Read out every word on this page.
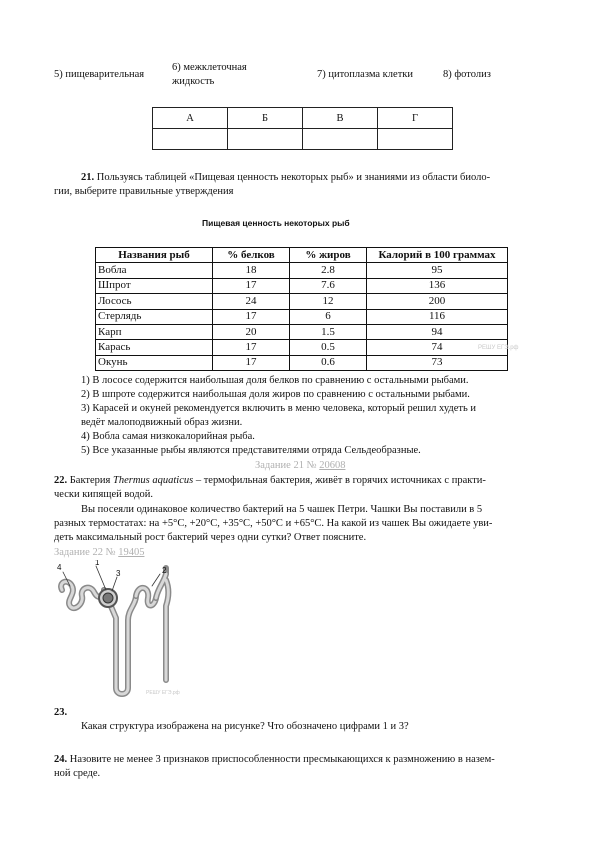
5) пищеварительная
6) межклеточная
жидкость
7) цитоплазма клетки	8) фотолиз
А	Б	В	Г

21. Пользуясь таблицей «Пищевая ценность некоторых рыб» и знаниями из области биоло-
гии, выберите правильные утверждения
Пищевая ценность некоторых рыб
Названия рыб	% белков	% жиров	Калорий в 100 граммах
Вобла	18	2.8	95
Шпрот	17	7.6	136
Лосось	24	12	200
Стерлядь	17	6	116
Карп	20	1.5	94
Карась	17	0.5	74
Окунь	17	0.6	73
РЕШУ ЕГЭ.рф
1) В лососе содержится наибольшая доля белков по сравнению с остальными рыбами.
2) В шпроте содержится наибольшая доля жиров по сравнению с остальными рыбами.
3) Карасей и окуней рекомендуется включить в меню человека, который решил худеть и
ведёт малоподвижный образ жизни.
4) Вобла самая низкокалорийная рыба.
5) Все указанные рыбы являются представителями отряда Сельдеобразные.
Задание 21 № 20608
22. Бактерия Thermus aquaticus – термофильная бактерия, живёт в горячих источниках с практи-
чески кипящей водой.
Вы посеяли одинаковое количество бактерий на 5 чашек Петри. Чашки Вы поставили в 5
разных термостатах: на +5°С, +20°С, +35°С, +50°С и +65°С. На какой из чашек Вы ожидаете уви-
деть максимальный рост бактерий через одни сутки? Ответ поясните.
Задание 22 № 19405
4
1
3	2
РЕШУ ЕГЭ.рф
23.
Какая структура изображена на рисунке? Что обозначено цифрами 1 и 3?
24. Назовите не менее 3 признаков приспособленности пресмыкающихся к размножению в назем-
ной среде.
